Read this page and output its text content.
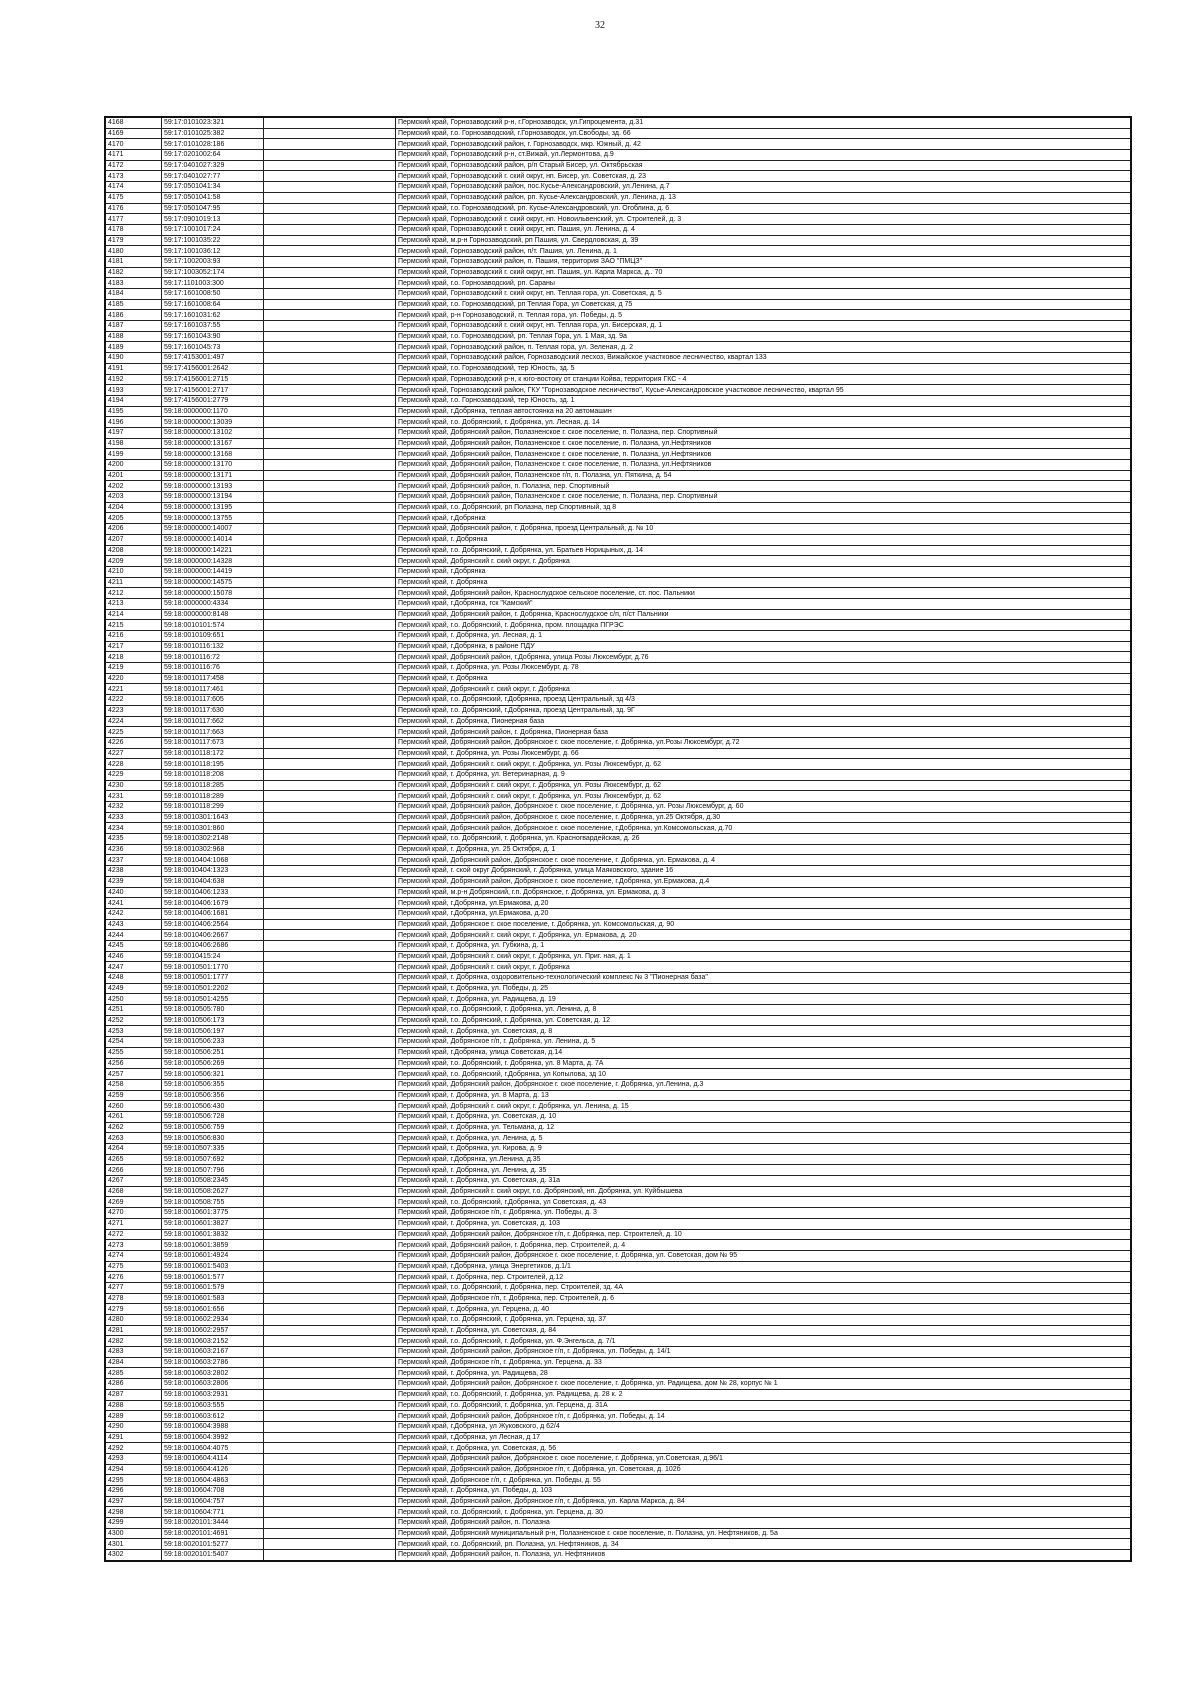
32
4168	59:17:0101023:321		Пермский край, Горнозаводский р-н, г.Горнозаводск, ул.Гипроцемента, д.31
4169	59:17:0101025:382		Пермский край, г.о. Горнозаводский, г.Горнозаводск, ул.Свободы, зд. 66
4170	59:17:0101028:186		Пермский край, Горнозаводский район, г. Горнозаводск, мкр. Южный, д. 42
4171	59:17:0201002:64		Пермский край, Горнозаводский р-н, ст.Вижай, ул.Лермонтова, д.9
4172	59:17:0401027:329		Пермский край, Горнозаводский район, р/п Старый Бисер, ул. Октябрьская
4173	59:17:0401027:77		Пермский край, Горнозаводский г. ский округ, нп. Бисер, ул. Советская, д. 23
4174	59:17:0501041:34		Пермский край, Горнозаводский район, пос.Кусье-Александровский, ул.Ленина, д.7
4175	59:17:0501041:58		Пермский край, Горнозаводский район, рп. Кусье-Александровский, ул. Ленина, д. 13
4176	59:17:0501047:95		Пермский край, г.о. Горнозаводский, рп. Кусье-Александровский, ул. Огоблина, д. 6
4177	59:17:0901019:13		Пермский край, Горнозаводский г. ский округ, нп. Новоильвенский, ул. Строителей, д. 3
4178	59:17:1001017:24		Пермский край, Горнозаводский г. ский округ, нп. Пашия, ул. Ленина, д. 4
4179	59:17:1001035:22		Пермский край, м.р-н Горнозаводский, рп Пашия, ул. Свердловская, д. 39
4180	59:17:1001036:12		Пермский край, Горнозаводский район, п/т. Пашия, ул. Ленина, д. 1
4181	59:17:1002003:93		Пермский край, Горнозаводский район, п. Пашия, территория ЗАО "ПМЦЗ"
4182	59:17:1003052:174		Пермский край, Горнозаводский г. ский округ, нп. Пашия, ул. Карла Маркса, д.. 70
4183	59:17:1101003:300		Пермский край, г.о. Горнозаводский, рп. Сараны
4184	59:17:1601008:50		Пермский край, Горнозаводский г. ский округ, нп. Теплая гора, ул. Советская, д. 5
4185	59:17:1601008:64		Пермский край, г.о. Горнозаводский, рп Теплая Гора, ул Советская, д 75
4186	59:17:1601031:62		Пермский край, р-н Горнозаводский, п. Теплая гора, ул. Победы, д. 5
4187	59:17:1601037:55		Пермский край, Горнозаводский г. ский округ, нп. Теплая гора, ул. Бисерская, д. 1
4188	59:17:1601043:90		Пермский край, г.о. Горнозаводский, рп. Теплая Гора, ул. 1 Мая, зд. 9а
4189	59:17:1601045:73		Пермский край, Горнозаводский район, п. Теплая гора, ул. Зеленая, д. 2
4190	59:17:4153001:497		Пермский край, Горнозаводский район, Горнозаводский лесхоз, Вижайское участковое лесничество, квартал 133
4191	59:17:4156001:2642		Пермский край, г.о. Горнозаводский, тер Юность, зд. 5
4192	59:17:4156001:2715		Пермский край, Горнозаводский р-н, к юго-востоку от станции Койва, территория ГКС - 4
4193	59:17:4156001:2717		Пермский край, Горнозаводский район, ГКУ "Горнозаводское лесничество", Кусье-Александровское участковое лесничество, квартал 95
4194	59:17:4156001:2779		Пермский край, г.о. Горнозаводский, тер Юность, зд. 1
4195	59:18:0000000:1170		Пермский край, г.Добрянка, теплая автостоянка на 20 автомашин
4196	59:18:0000000:13039		Пермский край, г.о. Добрянский, г. Добрянка, ул. Лесная, д. 14
4197	59:18:0000000:13102		Пермский край, Добрянский район, Полазненское г. ское поселение, п. Полазна, пер. Спортивный
4198	59:18:0000000:13167		Пермский край, Добрянский район, Полазненское г. ское поселение, п. Полазна, ул.Нефтяников
4199	59:18:0000000:13168		Пермский край, Добрянский район, Полазненское г. ское поселение, п. Полазна, ул.Нефтяников
4200	59:18:0000000:13170		Пермский край, Добрянский район, Полазненское г. ское поселение, п. Полазна, ул.Нефтяников
4201	59:18:0000000:13171		Пермский край, Добрянский район, Полазненское г/п, п. Полазна, ул. Пяткина, д. 54
4202	59:18:0000000:13193		Пермский край, Добрянский район, п. Полазна, пер. Спортивный
4203	59:18:0000000:13194		Пермский край, Добрянский район, Полазненское г. ское поселение, п. Полазна, пер. Спортивный
4204	59:18:0000000:13195		Пермский край, г.о. Добрянский, рп Полазна, пер Спортивный, зд 8
4205	59:18:0000000:13755		Пермский край, г.Добрянка
4206	59:18:0000000:14007		Пермский край, Добрянский район, г. Добрянка, проезд Центральный, д. № 10
4207	59:18:0000000:14014		Пермский край, г. Добрянка
4208	59:18:0000000:14221		Пермский край, г.о. Добрянский, г. Добрянка, ул. Братьев Норицыных, д. 14
4209	59:18:0000000:14328		Пермский край, Добрянский г. ский округ, г. Добрянка
4210	59:18:0000000:14419		Пермский край, г.Добрянка
4211	59:18:0000000:14575		Пермский край, г. Добрянка
4212	59:18:0000000:15078		Пермский край, Добрянский район, Краснослудское сельское поселение, ст. пос. Пальники
4213	59:18:0000000:4334		Пермский край, г.Добрянка, гск "Камский"
4214	59:18:0000000:8148		Пермский край, Добрянский район, г. Добрянка, Краснослудское с/п, п/ст Пальники
4215	59:18:0010101:574		Пермский край, г.о. Добрянский, г. Добрянка, пром. площадка ПГРЭС
4216	59:18:0010109:651		Пермский край, г. Добрянка, ул. Лесная, д. 1
4217	59:18:0010116:132		Пермский край, г.Добрянка, в районе ПДУ
4218	59:18:0010116:72		Пермский край, Добрянский район, г.Добрянка, улица Розы Люксембург, д.76
4219	59:18:0010116:76		Пермский край, г. Добрянка, ул. Розы Люксембург, д. 78
4220	59:18:0010117:458		Пермский край, г. Добрянка
4221	59:18:0010117:461		Пермский край, Добрянский г. ский округ, г. Добрянка
4222	59:18:0010117:605		Пермский край, г.о. Добрянский, г.Добрянка, проезд Центральный, зд 4/3
4223	59:18:0010117:630		Пермский край, г.о. Добрянский, г.Добрянка, проезд Центральный, зд. 9Г
4224	59:18:0010117:662		Пермский край, г. Добрянка, Пионерная база
4225	59:18:0010117:663		Пермский край, Добрянский район, г. Добрянка, Пионерная база
4226	59:18:0010117:673		Пермский край, Добрянский район, Добрянское г. ское поселение, г. Добрянка, ул.Розы Люксембург, д.72
4227	59:18:0010118:172		Пермский край, г. Добрянка, ул. Розы Люксембург, д. 66
4228	59:18:0010118:195		Пермский край, Добрянский г. ский округ, г. Добрянка, ул. Розы Люксембург, д. 62
4229	59:18:0010118:208		Пермский край, г. Добрянка, ул. Ветеринарная, д. 9
4230	59:18:0010118:285		Пермский край, Добрянский г. ский округ, г. Добрянка, ул. Розы Люксембург, д. 62
4231	59:18:0010118:289		Пермский край, Добрянский г. ский округ, г. Добрянка, ул. Розы Люксембург, д. 62
4232	59:18:0010118:299		Пермский край, Добрянский район, Добрянское г. ское поселение, г. Добрянка, ул. Розы Люксембург, д. 60
4233	59:18:0010301:1643		Пермский край, Добрянский район, Добрянское г. ское поселение, г. Добрянка, ул.25 Октября, д.30
4234	59:18:0010301:860		Пермский край, Добрянский район, Добрянское г. ское поселение, г.Добрянка, ул.Комсомольская, д.70
4235	59:18:0010302:2148		Пермский край, г.о. Добрянский, г. Добрянка, ул. Красногвардейская, д. 26
4236	59:18:0010302:968		Пермский край, г. Добрянка, ул. 25 Октября, д. 1
4237	59:18:0010404:1068		Пермский край, Добрянский район, Добрянское г. ское поселение, г. Добрянка, ул. Ермакова, д. 4
4238	59:18:0010404:1323		Пермский край, г. ской округ Добрянский, г. Добрянка, улица Маяковского, здание 16
4239	59:18:0010404:638		Пермский край, Добрянский район, Добрянское г. ское поселение, г.Добрянка, ул.Ермакова, д.4
4240	59:18:0010406:1233		Пермский край, м.р-н Добрянский, г.п. Добрянское, г. Добрянка, ул. Ермакова, д. 3
4241	59:18:0010406:1679		Пермский край, г.Добрянка, ул.Ермакова, д.20
4242	59:18:0010406:1681		Пермский край, г.Добрянка, ул.Ермакова, д.20
4243	59:18:0010406:2564		Пермский край, Добрянское г. ское поселение, г. Добрянка, ул. Комсомольская, д. 90
4244	59:18:0010406:2667		Пермский край, Добрянский г. ский округ, г. Добрянка, ул. Ермакова, д. 20
4245	59:18:0010406:2686		Пермский край, г. Добрянка, ул. Губкина, д. 1
4246	59:18:0010415:24		Пермский край, Добрянский г. ский округ, г. Добрянка, ул. Приг. ная, д. 1
4247	59:18:0010501:1770		Пермский край, Добрянский г. ский округ, г. Добрянка
4248	59:18:0010501:1777		Пермский край, г. Добрянка, оздоровительно-технологический комплекс № 3 "Пионерная база"
4249	59:18:0010501:2202		Пермский край, г. Добрянка, ул. Победы, д. 25
4250	59:18:0010501:4255		Пермский край, г. Добрянка, ул. Радищева, д. 19
4251	59:18:0010505:780		Пермский край, г.о. Добрянский, г. Добрянка, ул. Ленина, д. 8
4252	59:18:0010506:173		Пермский край, г.о. Добрянский, г. Добрянка, ул. Советская, д. 12
4253	59:18:0010506:197		Пермский край, г. Добрянка, ул. Советская, д. 8
4254	59:18:0010506:233		Пермский край, Добрянское г/п, г. Добрянка, ул. Ленина, д. 5
4255	59:18:0010506:251		Пермский край, г.Добрянка, улица Советская, д.14
4256	59:18:0010506:269		Пермский край, г.о. Добрянский, г. Добрянка, ул. 8 Марта, д. 7А
4257	59:18:0010506:321		Пермский край, г.о. Добрянский, г.Добрянка, ул Копылова, зд 10
4258	59:18:0010506:355		Пермский край, Добрянский район, Добрянское г. ское поселение, г. Добрянка, ул.Ленина, д.3
4259	59:18:0010506:356		Пермский край, г. Добрянка, ул. 8 Марта, д. 13
4260	59:18:0010506:430		Пермский край, Добрянский г. ский округ, г. Добрянка, ул. Ленина, д. 15
4261	59:18:0010506:728		Пермский край, г. Добрянка, ул. Советская, д. 10
4262	59:18:0010506:759		Пермский край, г. Добрянка, ул. Тельмана, д. 12
4263	59:18:0010506:830		Пермский край, г. Добрянка, ул. Ленина, д. 5
4264	59:18:0010507:335		Пермский край, г. Добрянка, ул. Кирова, д. 9
4265	59:18:0010507:692		Пермский край, г.Добрянка, ул.Ленина, д.35
4266	59:18:0010507:796		Пермский край, г. Добрянка, ул. Ленина, д. 35
4267	59:18:0010508:2345		Пермский край, г. Добрянка, ул. Советская, д. 31а
4268	59:18:0010508:2627		Пермский край, Добрянский г. ский округ, г.о. Добрянский, нп. Добрянка, ул. Куйбышева
4269	59:18:0010508:755		Пермский край, г.о. Добрянский, г.Добрянка, ул Советская, д. 43
4270	59:18:0010601:3775		Пермский край, Добрянское г/п, г. Добрянка, ул. Победы, д. 3
4271	59:18:0010601:3827		Пермский край, г. Добрянка, ул. Советская, д. 103
4272	59:18:0010601:3832		Пермский край, Добрянский район, Добрянское г/п, г. Добрянка, пер. Строителей, д. 10
4273	59:18:0010601:3859		Пермский край, Добрянский район, г. Добрянка, пер. Строителей, д. 4
4274	59:18:0010601:4924		Пермский край, Добрянский район, Добрянское г. ское поселение, г. Добрянка, ул. Советская, дом № 95
4275	59:18:0010601:5403		Пермский край, г.Добрянка, улица Энергетиков, д.1/1
4276	59:18:0010601:577		Пермский край, г. Добрянка, пер. Строителей, д.12
4277	59:18:0010601:579		Пермский край, г.о. Добрянский, г. Добрянка, пер. Строителей, зд. 4А
4278	59:18:0010601:583		Пермский край, Добрянское г/п, г. Добрянка, пер. Строителей, д. 6
4279	59:18:0010601:656		Пермский край, г. Добрянка, ул. Герцена, д. 40
4280	59:18:0010602:2934		Пермский край, г.о. Добрянский, г. Добрянка, ул. Герцена, зд. 37
4281	59:18:0010602:2957		Пермский край, г. Добрянка, ул. Советская, д. 84
4282	59:18:0010603:2152		Пермский край, г.о. Добрянский, г. Добрянка, ул. Ф.Энгельса, д. 7/1
4283	59:18:0010603:2167		Пермский край, Добрянский район, Добрянское г/п, г. Добрянка, ул. Победы, д. 14/1
4284	59:18:0010603:2786		Пермский край, Добрянское г/п, г. Добрянка, ул. Герцена, д. 33
4285	59:18:0010603:2802		Пермский край, г. Добрянка, ул. Радищева, 28
4286	59:18:0010603:2806		Пермский край, Добрянский район, Добрянское г. ское поселение, г. Добрянка, ул. Радищева, дом № 28, корпус № 1
4287	59:18:0010603:2931		Пермский край, г.о. Добрянский, г. Добрянка, ул. Радищева, д. 28 к. 2
4288	59:18:0010603:555		Пермский край, г.о. Добрянский, г. Добрянка, ул. Герцена, д. 31А
4289	59:18:0010603:612		Пермский край, Добрянский район, Добрянское г/п, г. Добрянка, ул. Победы, д. 14
4290	59:18:0010604:3988		Пермский край, г.Добрянка, ул Жуковского, д 62/4
4291	59:18:0010604:3992		Пермский край, г.Добрянка, ул Лесная, д 17
4292	59:18:0010604:4075		Пермский край, г. Добрянка, ул. Советская, д. 56
4293	59:18:0010604:4114		Пермский край, Добрянский район, Добрянское г. ское поселение, г. Добрянка, ул.Советская, д.96/1
4294	59:18:0010604:4126		Пермский край, Добрянский район, Добрянское г/п, г. Добрянка, ул. Советская, д. 102б
4295	59:18:0010604:4863		Пермский край, Добрянское г/п, г. Добрянка, ул. Победы, д. 55
4296	59:18:0010604:708		Пермский край, г. Добрянка, ул. Победы, д. 103
4297	59:18:0010604:757		Пермский край, Добрянский район, Добрянское г/п, г. Добрянка, ул. Карла Маркса, д. 84
4298	59:18:0010604:771		Пермский край, г.о. Добрянский, г. Добрянка, ул. Герцена, д. 30
4299	59:18:0020101:3444		Пермский край, Добрянский район, п. Полазна
4300	59:18:0020101:4691		Пермский край, Добрянский муниципальный р-н, Полазненское г. ское поселение, п. Полазна, ул. Нефтяников, д. 5а
4301	59:18:0020101:5277		Пермский край, г.о. Добрянский, рп. Полазна, ул. Нефтяников, д. 34
4302	59:18:0020101:5407		Пермский край, Добрянский район, п. Полазна, ул. Нефтяников
